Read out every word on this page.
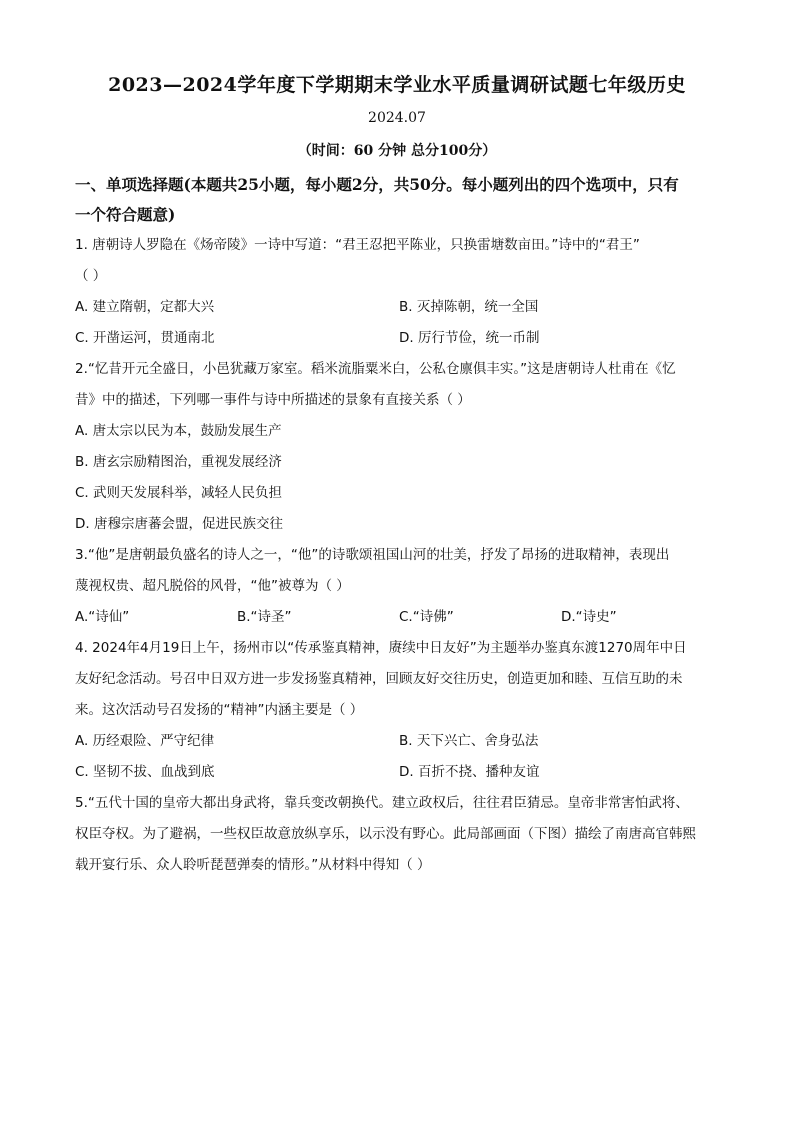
2023—2024学年度下学期期末学业水平质量调研试题七年级历史
2024.07
（时间：60 分钟 总分100分）

一、单项选择题(本题共25小题，每小题2分，共50分。每小题列出的四个选项中，只有

一个符合题意)

1. 唐朝诗人罗隐在《炀帝陵》一诗中写道：“君王忍把平陈业，只换雷塘数亩田。”诗中的“君王”

（ ）

A. 建立隋朝，定都大兴	B. 灭掉陈朝，统一全国
C. 开凿运河，贯通南北	D. 厉行节俭，统一币制

2.“忆昔开元全盛日，小邑犹藏万家室。稻米流脂粟米白，公私仓廪俱丰实。”这是唐朝诗人杜甫在《忆

昔》中的描述，下列哪一事件与诗中所描述的景象有直接关系（ ）

A. 唐太宗以民为本，鼓励发展生产

B. 唐玄宗励精图治，重视发展经济

C. 武则天发展科举，减轻人民负担

D. 唐穆宗唐蕃会盟，促进民族交往

3.“他”是唐朝最负盛名的诗人之一，“他”的诗歌颂祖国山河的壮美，抒发了昂扬的进取精神，表现出

蔑视权贵、超凡脱俗的风骨，“他”被尊为（ ）

A.“诗仙”	B.“诗圣”	C.“诗佛”	D.“诗史”

4. 2024年4月19日上午，扬州市以“传承鉴真精神，赓续中日友好”为主题举办鉴真东渡1270周年中日

友好纪念活动。号召中日双方进一步发扬鉴真精神，回顾友好交往历史，创造更加和睦、互信互助的未

来。这次活动号召发扬的“精神”内涵主要是（ ）

A. 历经艰险、严守纪律	B. 天下兴亡、舍身弘法
C. 坚韧不拔、血战到底	D. 百折不挠、播种友谊

5.“五代十国的皇帝大都出身武将，靠兵变改朝换代。建立政权后，往往君臣猜忌。皇帝非常害怕武将、

权臣夺权。为了避祸，一些权臣故意放纵享乐，以示没有野心。此局部画面（下图）描绘了南唐高官韩熙

载开宴行乐、众人聆听琵琶弹奏的情形。”从材料中得知（ ）
